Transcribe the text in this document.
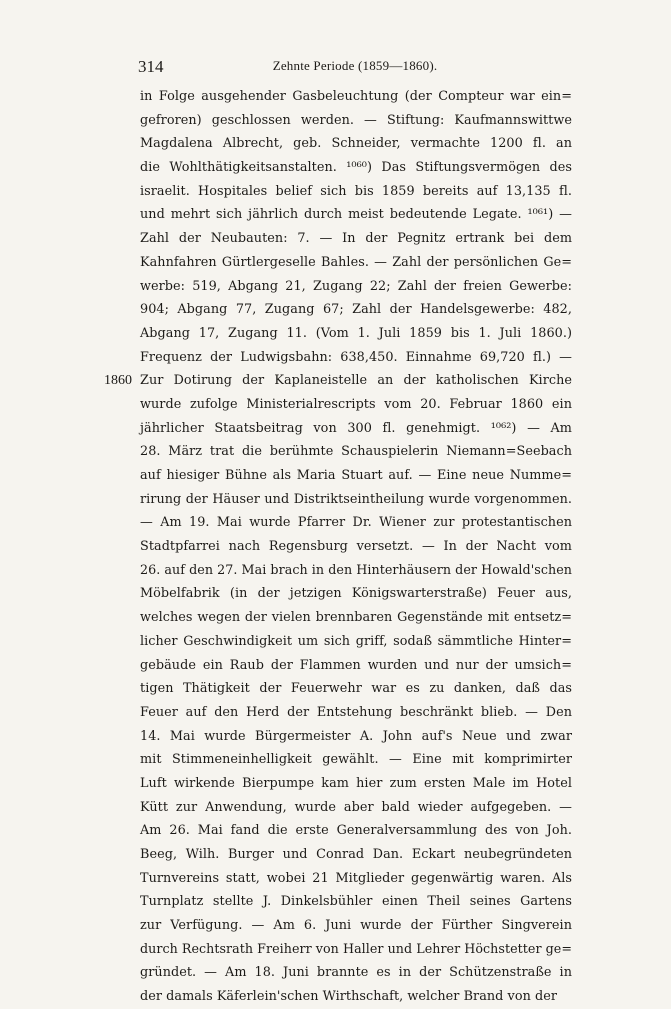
314	Zehnte Periode (1859—1860).
in Folge ausgehender Gasbeleuchtung (der Compteur war ein=
gefroren) geschlossen werden. — Stiftung: Kaufmannswittwe
Magdalena Albrecht, geb. Schneider, vermachte 1200 fl. an
die Wohlthätigkeitsanstalten. ¹⁰⁶⁰) Das Stiftungsvermögen des
israelit. Hospitales belief sich bis 1859 bereits auf 13,135 fl.
und mehrt sich jährlich durch meist bedeutende Legate. ¹⁰⁶¹) —
Zahl der Neubauten: 7. — In der Pegnitz ertrank bei dem
Kahnfahren Gürtlergeselle Bahles. — Zahl der persönlichen Ge=
werbe: 519, Abgang 21, Zugang 22; Zahl der freien Gewerbe:
904; Abgang 77, Zugang 67; Zahl der Handelsgewerbe: 482,
Abgang 17, Zugang 11. (Vom 1. Juli 1859 bis 1. Juli 1860.)
Frequenz der Ludwigsbahn: 638,450. Einnahme 69,720 fl.) —
Zur Dotirung der Kaplaneistelle an der katholischen Kirche
1860
wurde zufolge Ministerialrescripts vom 20. Februar 1860 ein
jährlicher Staatsbeitrag von 300 fl. genehmigt. ¹⁰⁶²) — Am
28. März trat die berühmte Schauspielerin Niemann=Seebach
auf hiesiger Bühne als Maria Stuart auf. — Eine neue Numme=
rirung der Häuser und Distriktseintheilung wurde vorgenommen.
— Am 19. Mai wurde Pfarrer Dr. Wiener zur protestantischen
Stadtpfarrei nach Regensburg versetzt. — In der Nacht vom
26. auf den 27. Mai brach in den Hinterhäusern der Howald'schen
Möbelfabrik (in der jetzigen Königswarterstraße) Feuer aus,
welches wegen der vielen brennbaren Gegenstände mit entsetz=
licher Geschwindigkeit um sich griff, sodaß sämmtliche Hinter=
gebäude ein Raub der Flammen wurden und nur der umsich=
tigen Thätigkeit der Feuerwehr war es zu danken, daß das
Feuer auf den Herd der Entstehung beschränkt blieb. — Den
14. Mai wurde Bürgermeister A. John auf's Neue und zwar
mit Stimmeneinhelligkeit gewählt. — Eine mit komprimirter
Luft wirkende Bierpumpe kam hier zum ersten Male im Hotel
Kütt zur Anwendung, wurde aber bald wieder aufgegeben. —
Am 26. Mai fand die erste Generalversammlung des von Joh.
Beeg, Wilh. Burger und Conrad Dan. Eckart neubegründeten
Turnvereins statt, wobei 21 Mitglieder gegenwärtig waren. Als
Turnplatz stellte J. Dinkelsbühler einen Theil seines Gartens
zur Verfügung. — Am 6. Juni wurde der Fürther Singverein
durch Rechtsrath Freiherr von Haller und Lehrer Höchstetter ge=
gründet. — Am 18. Juni brannte es in der Schützenstraße in
der damals Käferlein'schen Wirthschaft, welcher Brand von der
